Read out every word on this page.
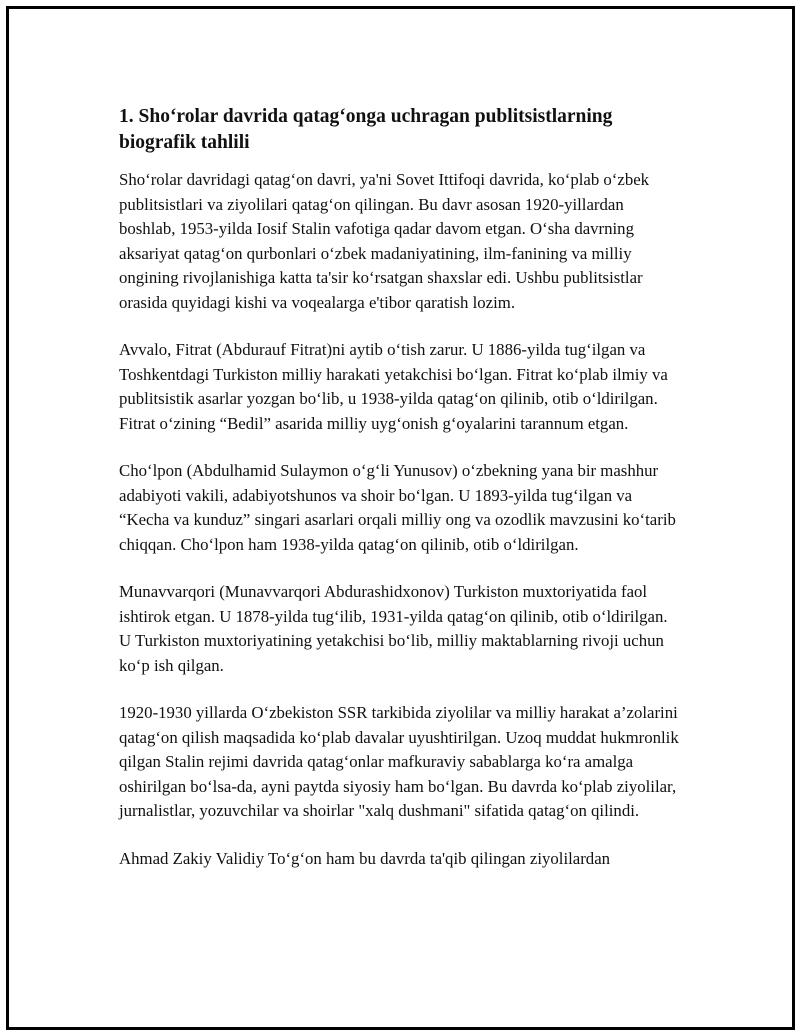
1. Sho‘rolar davrida qatag‘onga uchragan publitsistlarning biografik tahlili

Sho‘rolar davridagi qatag‘on davri, ya'ni Sovet Ittifoqi davrida, ko‘plab o‘zbek publitsistlari va ziyolilari qatag‘on qilingan. Bu davr asosan 1920-yillardan boshlab, 1953-yilda Iosif Stalin vafotiga qadar davom etgan. O‘sha davrning aksariyat qatag‘on qurbonlari o‘zbek madaniyatining, ilm-fanining va milliy ongining rivojlanishiga katta ta'sir ko‘rsatgan shaxslar edi. Ushbu publitsistlar orasida quyidagi kishi va voqealarga e'tibor qaratish lozim.

Avvalo, Fitrat (Abdurauf Fitrat)ni aytib o‘tish zarur. U 1886-yilda tug‘ilgan va Toshkentdagi Turkiston milliy harakati yetakchisi bo‘lgan. Fitrat ko‘plab ilmiy va publitsistik asarlar yozgan bo‘lib, u 1938-yilda qatag‘on qilinib, otib o‘ldirilgan. Fitrat o‘zining “Bedil” asarida milliy uyg‘onish g‘oyalarini tarannum etgan.

Cho‘lpon (Abdulhamid Sulaymon o‘g‘li Yunusov) o‘zbekning yana bir mashhur adabiyoti vakili, adabiyotshunos va shoir bo‘lgan. U 1893-yilda tug‘ilgan va “Kecha va kunduz” singari asarlari orqali milliy ong va ozodlik mavzusini ko‘tarib chiqqan. Cho‘lpon ham 1938-yilda qatag‘on qilinib, otib o‘ldirilgan.

Munavvarqori (Munavvarqori Abdurashidxonov) Turkiston muxtoriyatida faol ishtirok etgan. U 1878-yilda tug‘ilib, 1931-yilda qatag‘on qilinib, otib o‘ldirilgan. U Turkiston muxtoriyatining yetakchisi bo‘lib, milliy maktablarning rivoji uchun ko‘p ish qilgan.

1920-1930 yillarda O‘zbekiston SSR tarkibida ziyolilar va milliy harakat a’zolarini qatag‘on qilish maqsadida ko‘plab davalar uyushtirilgan. Uzoq muddat hukmronlik qilgan Stalin rejimi davrida qatag‘onlar mafkuraviy sabablarga ko‘ra amalga oshirilgan bo‘lsa-da, ayni paytda siyosiy ham bo‘lgan. Bu davrda ko‘plab ziyolilar, jurnalistlar, yozuvchilar va shoirlar "xalq dushmani" sifatida qatag‘on qilindi.

Ahmad Zakiy Validiy To‘g‘on ham bu davrda ta'qib qilingan ziyolilardan
